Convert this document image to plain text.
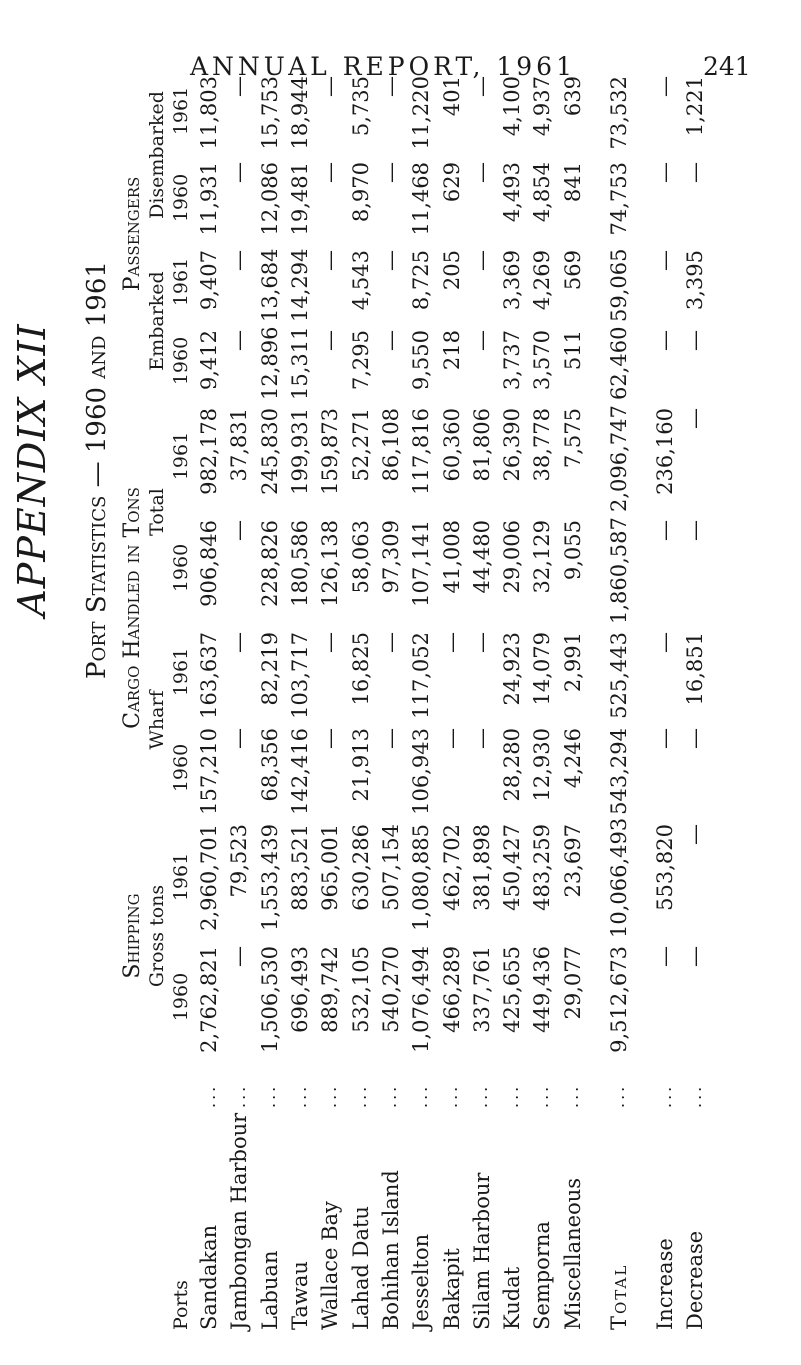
ANNUAL REPORT, 1961	241
APPENDIX XII Port Statistics — 1960 and 1961
		Shipping		Cargo Handled in Tons				Passengers			
		Gross tons		Wharf		Total		Embarked		Disembarked	
Ports		1960	1961	1960	1961	1960	1961	1960	1961	1960	1961
Sandakan	...	2,762,821	2,960,701	157,210	163,637	906,846	982,178	9,412	9,407	11,931	11,803
Jambongan Harbour	...	—	79,523	—	—	—	37,831	—	—	—	—
Labuan	...	1,506,530	1,553,439	68,356	82,219	228,826	245,830	12,896	13,684	12,086	15,753
Tawau	...	696,493	883,521	142,416	103,717	180,586	199,931	15,311	14,294	19,481	18,944
Wallace Bay	...	889,742	965,001	—	—	126,138	159,873	—	—	—	—
Lahad Datu	...	532,105	630,286	21,913	16,825	58,063	52,271	7,295	4,543	8,970	5,735
Bohihan Island	...	540,270	507,154	—	—	97,309	86,108	—	—	—	—
Jesselton	...	1,076,494	1,080,885	106,943	117,052	107,141	117,816	9,550	8,725	11,468	11,220
Bakapit	...	466,289	462,702	—	—	41,008	60,360	218	205	629	401
Silam Harbour	...	337,761	381,898	—	—	44,480	81,806	—	—	—	—
Kudat	...	425,655	450,427	28,280	24,923	29,006	26,390	3,737	3,369	4,493	4,100
Semporna	...	449,436	483,259	12,930	14,079	32,129	38,778	3,570	4,269	4,854	4,937
Miscellaneous	...	29,077	23,697	4,246	2,991	9,055	7,575	511	569	841	639

Total	...	9,512,673	10,066,493	543,294	525,443	1,860,587	2,096,747	62,460	59,065	74,753	73,532

Increase	...	—	553,820	—	—	—	236,160	—	—	—	—
Decrease	...	—	—	—	16,851	—	—	—	3,395	—	1,221
